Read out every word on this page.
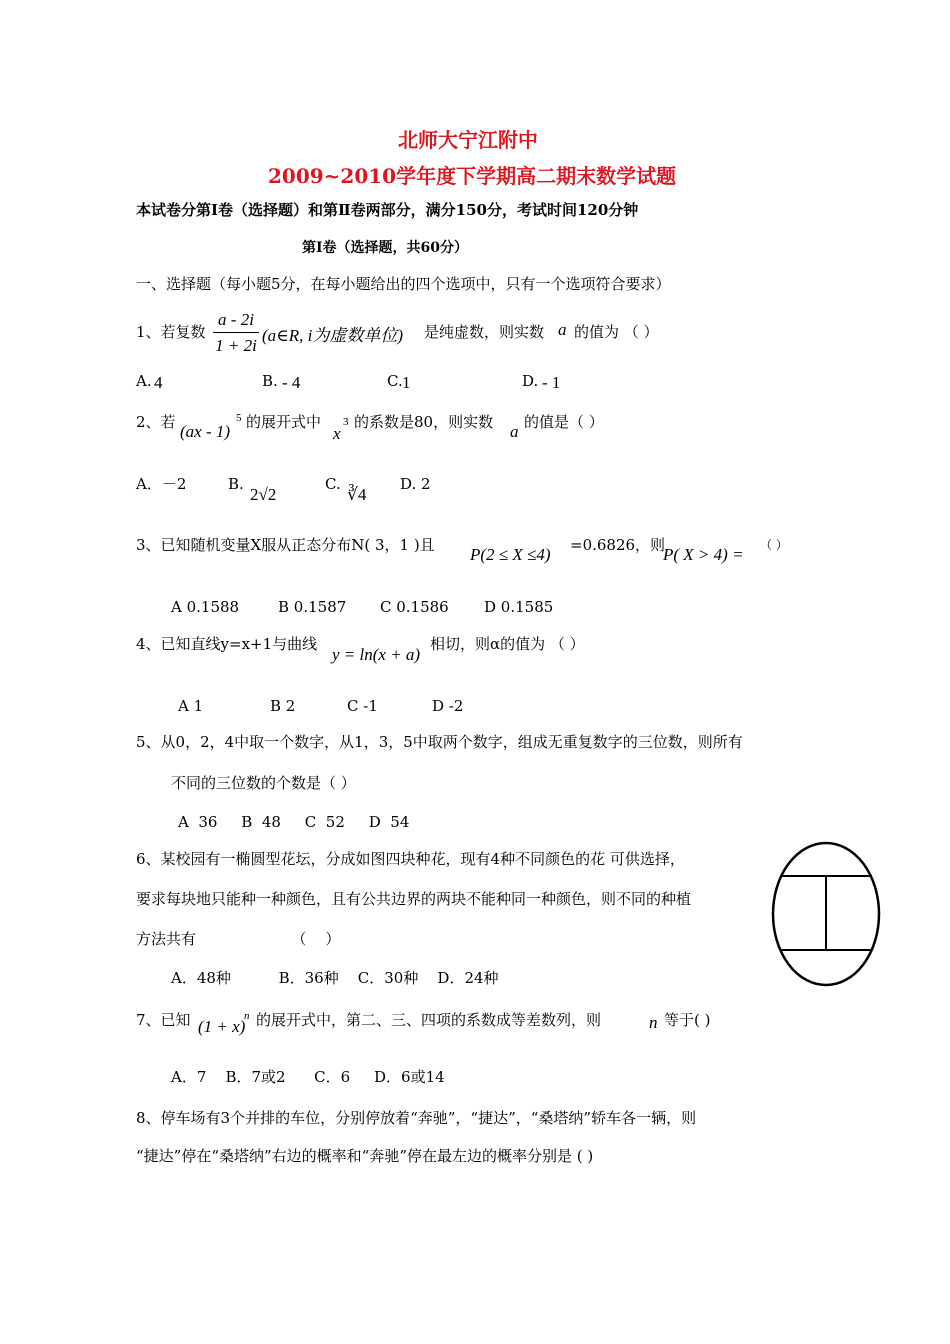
北师大宁江附中
2009~2010学年度下学期高二期末数学试题
本试卷分第Ⅰ卷（选择题）和第Ⅱ卷两部分，满分150分，考试时间120分钟
第Ⅰ卷（选择题，共60分）
一、选择题（每小题5分，在每小题给出的四个选项中，只有一个选项符合要求）
1、若复数
a - 2i
1 + 2i
(a∈R, i为虚数单位) 是纯虚数，则实数 a 的值为 （ ）
A. 4	B. - 4	C. 1	D. - 1
2、若 (ax - 1)
5 的展开式中
x
3 的系数是80，则实数 a 的值是（ ）
A．－2	B.
2√2
C.
∛4
D. 2
3、已知随机变量X服从正态分布N( 3，1 )且 P(2 ≤ X ≤4) =0.6826，则
P( X > 4) = （ ）
A 0.1588	B 0.1587 C 0.1586 D 0.1585
4、已知直线y=x+1与曲线
y = ln(x + a)
相切，则α的值为 （ ）
A 1	B 2	C -1	D -2
5、从0，2，4中取一个数字，从1，3，5中取两个数字，组成无重复数字的三位数，则所有
不同的三位数的个数是（ ）
A  36     B  48     C  52     D  54
6、某校园有一椭圆型花坛，分成如图四块种花，现有4种不同颜色的花 可供选择，
要求每块地只能种一种颜色，且有公共边界的两块不能种同一种颜色，则不同的种植
方法共有                    （    ）
A．48种          B．36种    C．30种    D．24种
7、已知 (1 + x)
n 的展开式中，第二、三、四项的系数成等差数列，则	n 等于( )
A．7    B．7或2      C．6     D．6或14
8、停车场有3个并排的车位，分别停放着“奔驰”，“捷达”，“桑塔纳”轿车各一辆，则
“捷达”停在“桑塔纳”右边的概率和“奔驰”停在最左边的概率分别是 ( )
